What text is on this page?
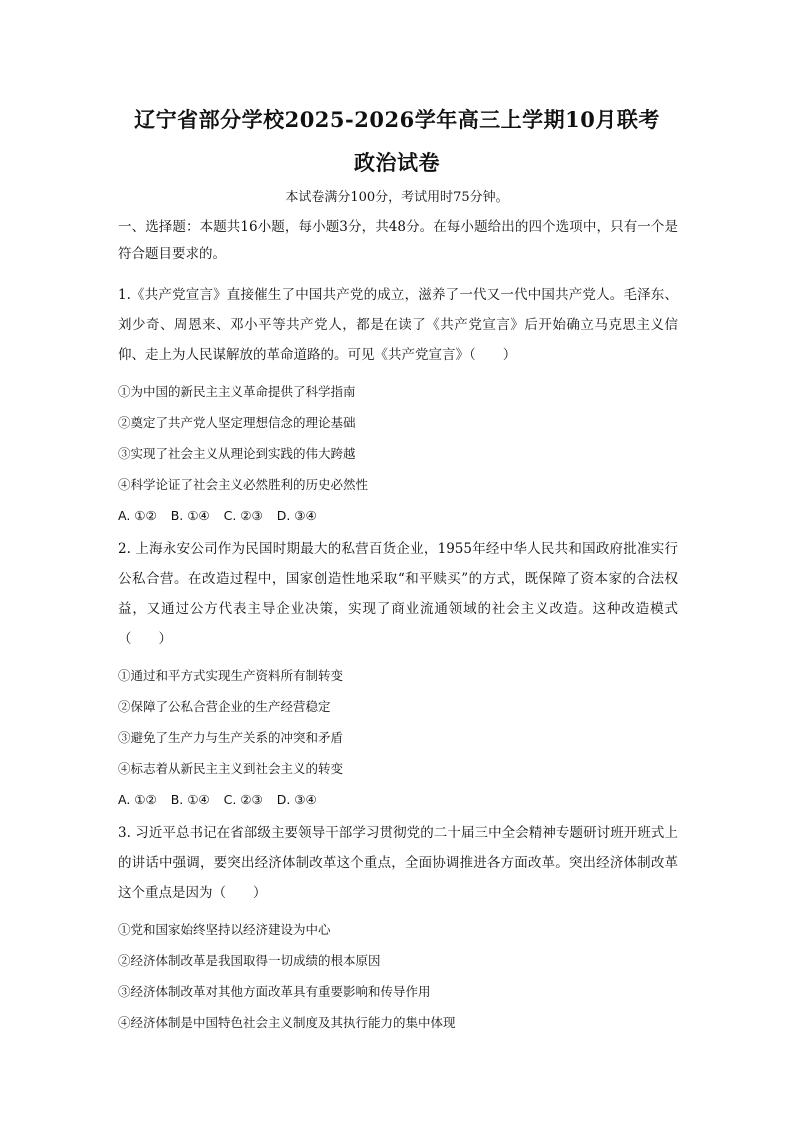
辽宁省部分学校2025-2026学年高三上学期10月联考
政治试卷

本试卷满分100分，考试用时75分钟。

一、选择题：本题共16小题，每小题3分，共48分。在每小题给出的四个选项中，只有一个是符合题目要求的。

1.《共产党宣言》直接催生了中国共产党的成立，滋养了一代又一代中国共产党人。毛泽东、刘少奇、周恩来、邓小平等共产党人，都是在读了《共产党宣言》后开始确立马克思主义信仰、走上为人民谋解放的革命道路的。可见《共产党宣言》（　　）

①为中国的新民主主义革命提供了科学指南

②奠定了共产党人坚定理想信念的理论基础

③实现了社会主义从理论到实践的伟大跨越

④科学论证了社会主义必然胜利的历史必然性

A. ①② B. ①④ C. ②③ D. ③④

2. 上海永安公司作为民国时期最大的私营百货企业，1955年经中华人民共和国政府批准实行公私合营。在改造过程中，国家创造性地采取“和平赎买”的方式，既保障了资本家的合法权益，又通过公方代表主导企业决策，实现了商业流通领域的社会主义改造。这种改造模式（　　）

①通过和平方式实现生产资料所有制转变

②保障了公私合营企业的生产经营稳定

③避免了生产力与生产关系的冲突和矛盾

④标志着从新民主主义到社会主义的转变

A. ①② B. ①④ C. ②③ D. ③④

3. 习近平总书记在省部级主要领导干部学习贯彻党的二十届三中全会精神专题研讨班开班式上的讲话中强调，要突出经济体制改革这个重点，全面协调推进各方面改革。突出经济体制改革这个重点是因为（　　）

①党和国家始终坚持以经济建设为中心

②经济体制改革是我国取得一切成绩的根本原因

③经济体制改革对其他方面改革具有重要影响和传导作用

④经济体制是中国特色社会主义制度及其执行能力的集中体现
